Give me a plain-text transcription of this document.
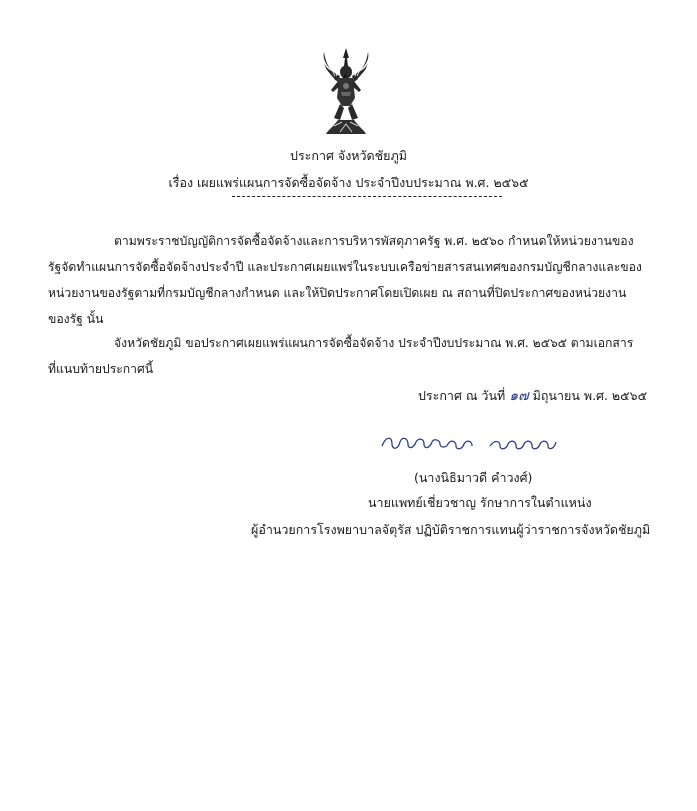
ประกาศ จังหวัดชัยภูมิ
เรื่อง เผยแพร่แผนการจัดซื้อจัดจ้าง ประจำปีงบประมาณ พ.ศ. ๒๕๖๕
ตามพระราชบัญญัติการจัดซื้อจัดจ้างและการบริหารพัสดุภาครัฐ พ.ศ. ๒๕๖๐ กำหนดให้หน่วยงานของ
รัฐจัดทำแผนการจัดซื้อจัดจ้างประจำปี และประกาศเผยแพร่ในระบบเครือข่ายสารสนเทศของกรมบัญชีกลางและของ
หน่วยงานของรัฐตามที่กรมบัญชีกลางกำหนด และให้ปิดประกาศโดยเปิดเผย ณ สถานที่ปิดประกาศของหน่วยงาน
ของรัฐ นั้น
จังหวัดชัยภูมิ ขอประกาศเผยแพร่แผนการจัดซื้อจัดจ้าง ประจำปีงบประมาณ พ.ศ. ๒๕๖๕ ตามเอกสาร
ที่แนบท้ายประกาศนี้
ประกาศ ณ วันที่ ๑๗ มิถุนายน พ.ศ. ๒๕๖๕
(นางนิธิมาวดี คำวงศ์)
นายแพทย์เชี่ยวชาญ รักษาการในตำแหน่ง
ผู้อำนวยการโรงพยาบาลจัตุรัส ปฏิบัติราชการแทนผู้ว่าราชการจังหวัดชัยภูมิ
